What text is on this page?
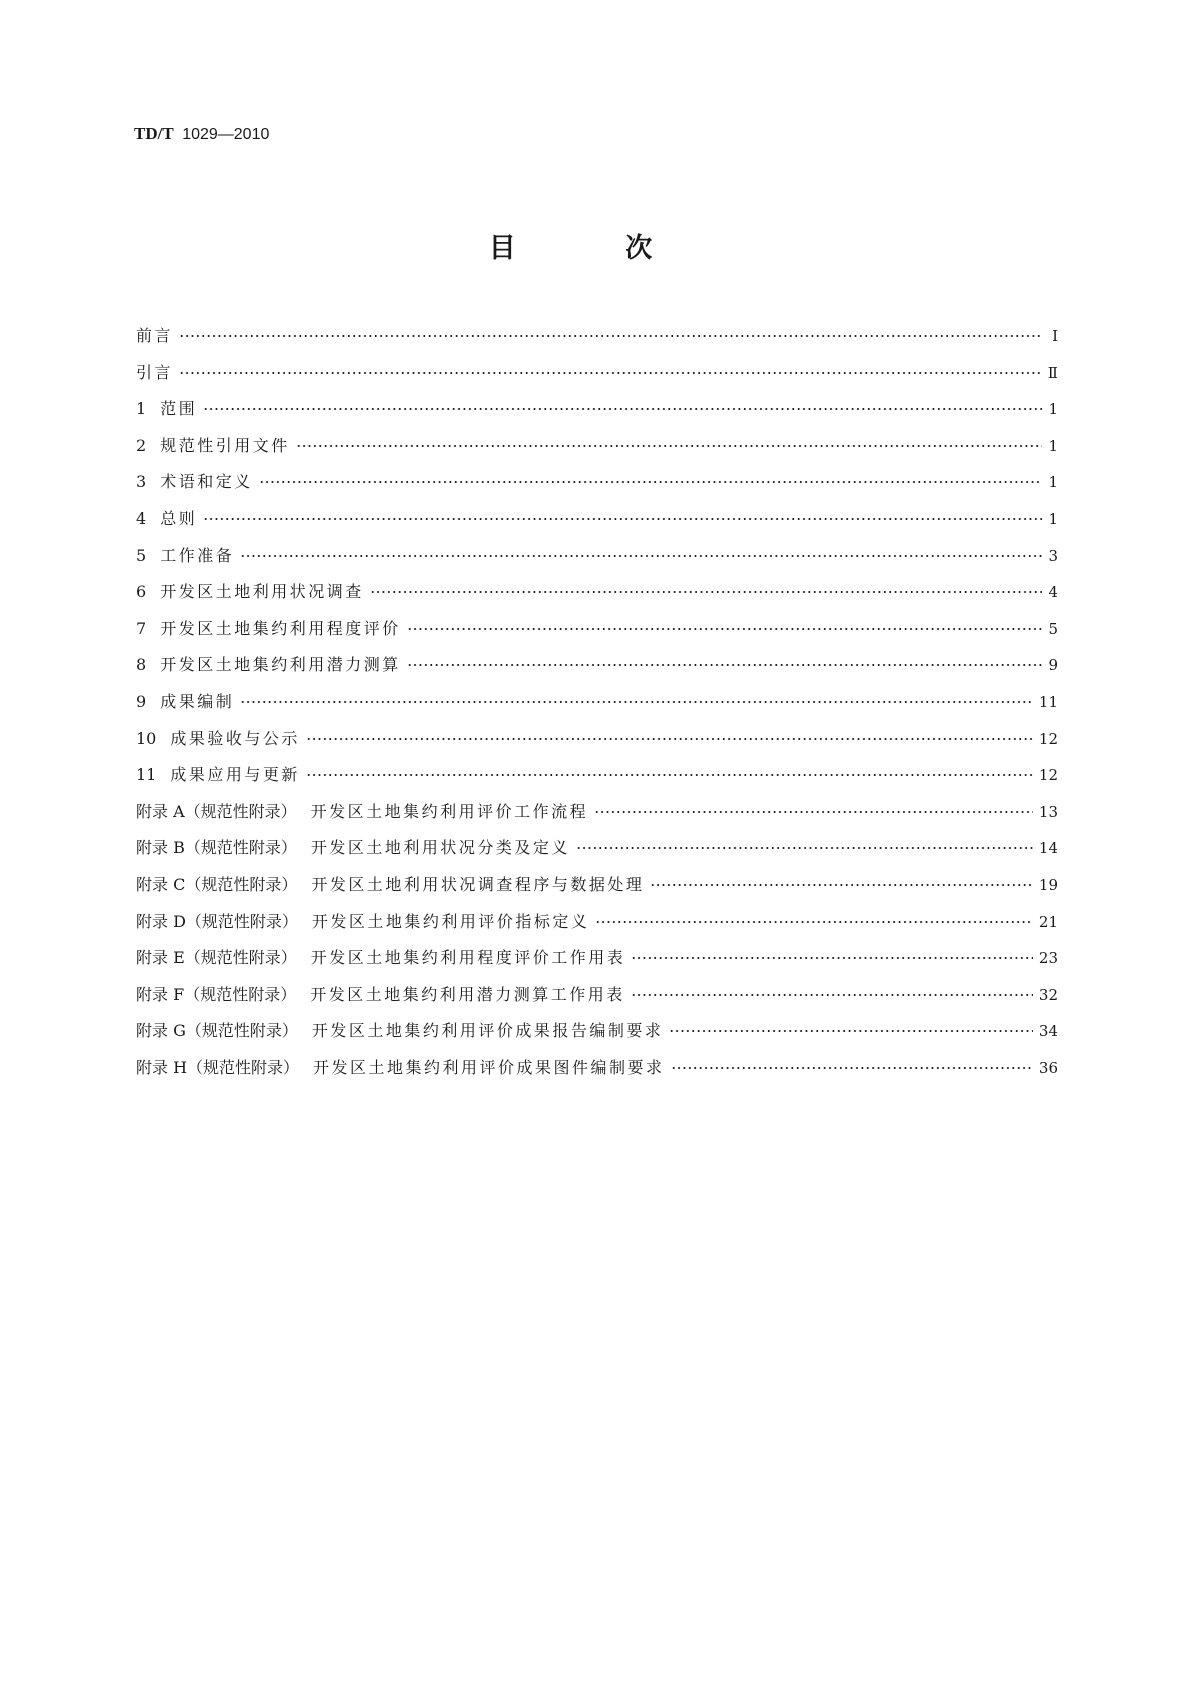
TD/T 1029—2010
目 次
前言	Ⅰ
引言	Ⅱ
1 范围	1
2 规范性引用文件	1
3 术语和定义	1
4 总则	1
5 工作准备	3
6 开发区土地利用状况调查	4
7 开发区土地集约利用程度评价	5
8 开发区土地集约利用潜力测算	9
9 成果编制	11
10 成果验收与公示	12
11 成果应用与更新	12
附录 A（规范性附录） 开发区土地集约利用评价工作流程	13
附录 B（规范性附录） 开发区土地利用状况分类及定义	14
附录 C（规范性附录） 开发区土地利用状况调查程序与数据处理	19
附录 D（规范性附录） 开发区土地集约利用评价指标定义	21
附录 E（规范性附录） 开发区土地集约利用程度评价工作用表	23
附录 F（规范性附录） 开发区土地集约利用潜力测算工作用表	32
附录 G（规范性附录） 开发区土地集约利用评价成果报告编制要求	34
附录 H（规范性附录） 开发区土地集约利用评价成果图件编制要求	36
